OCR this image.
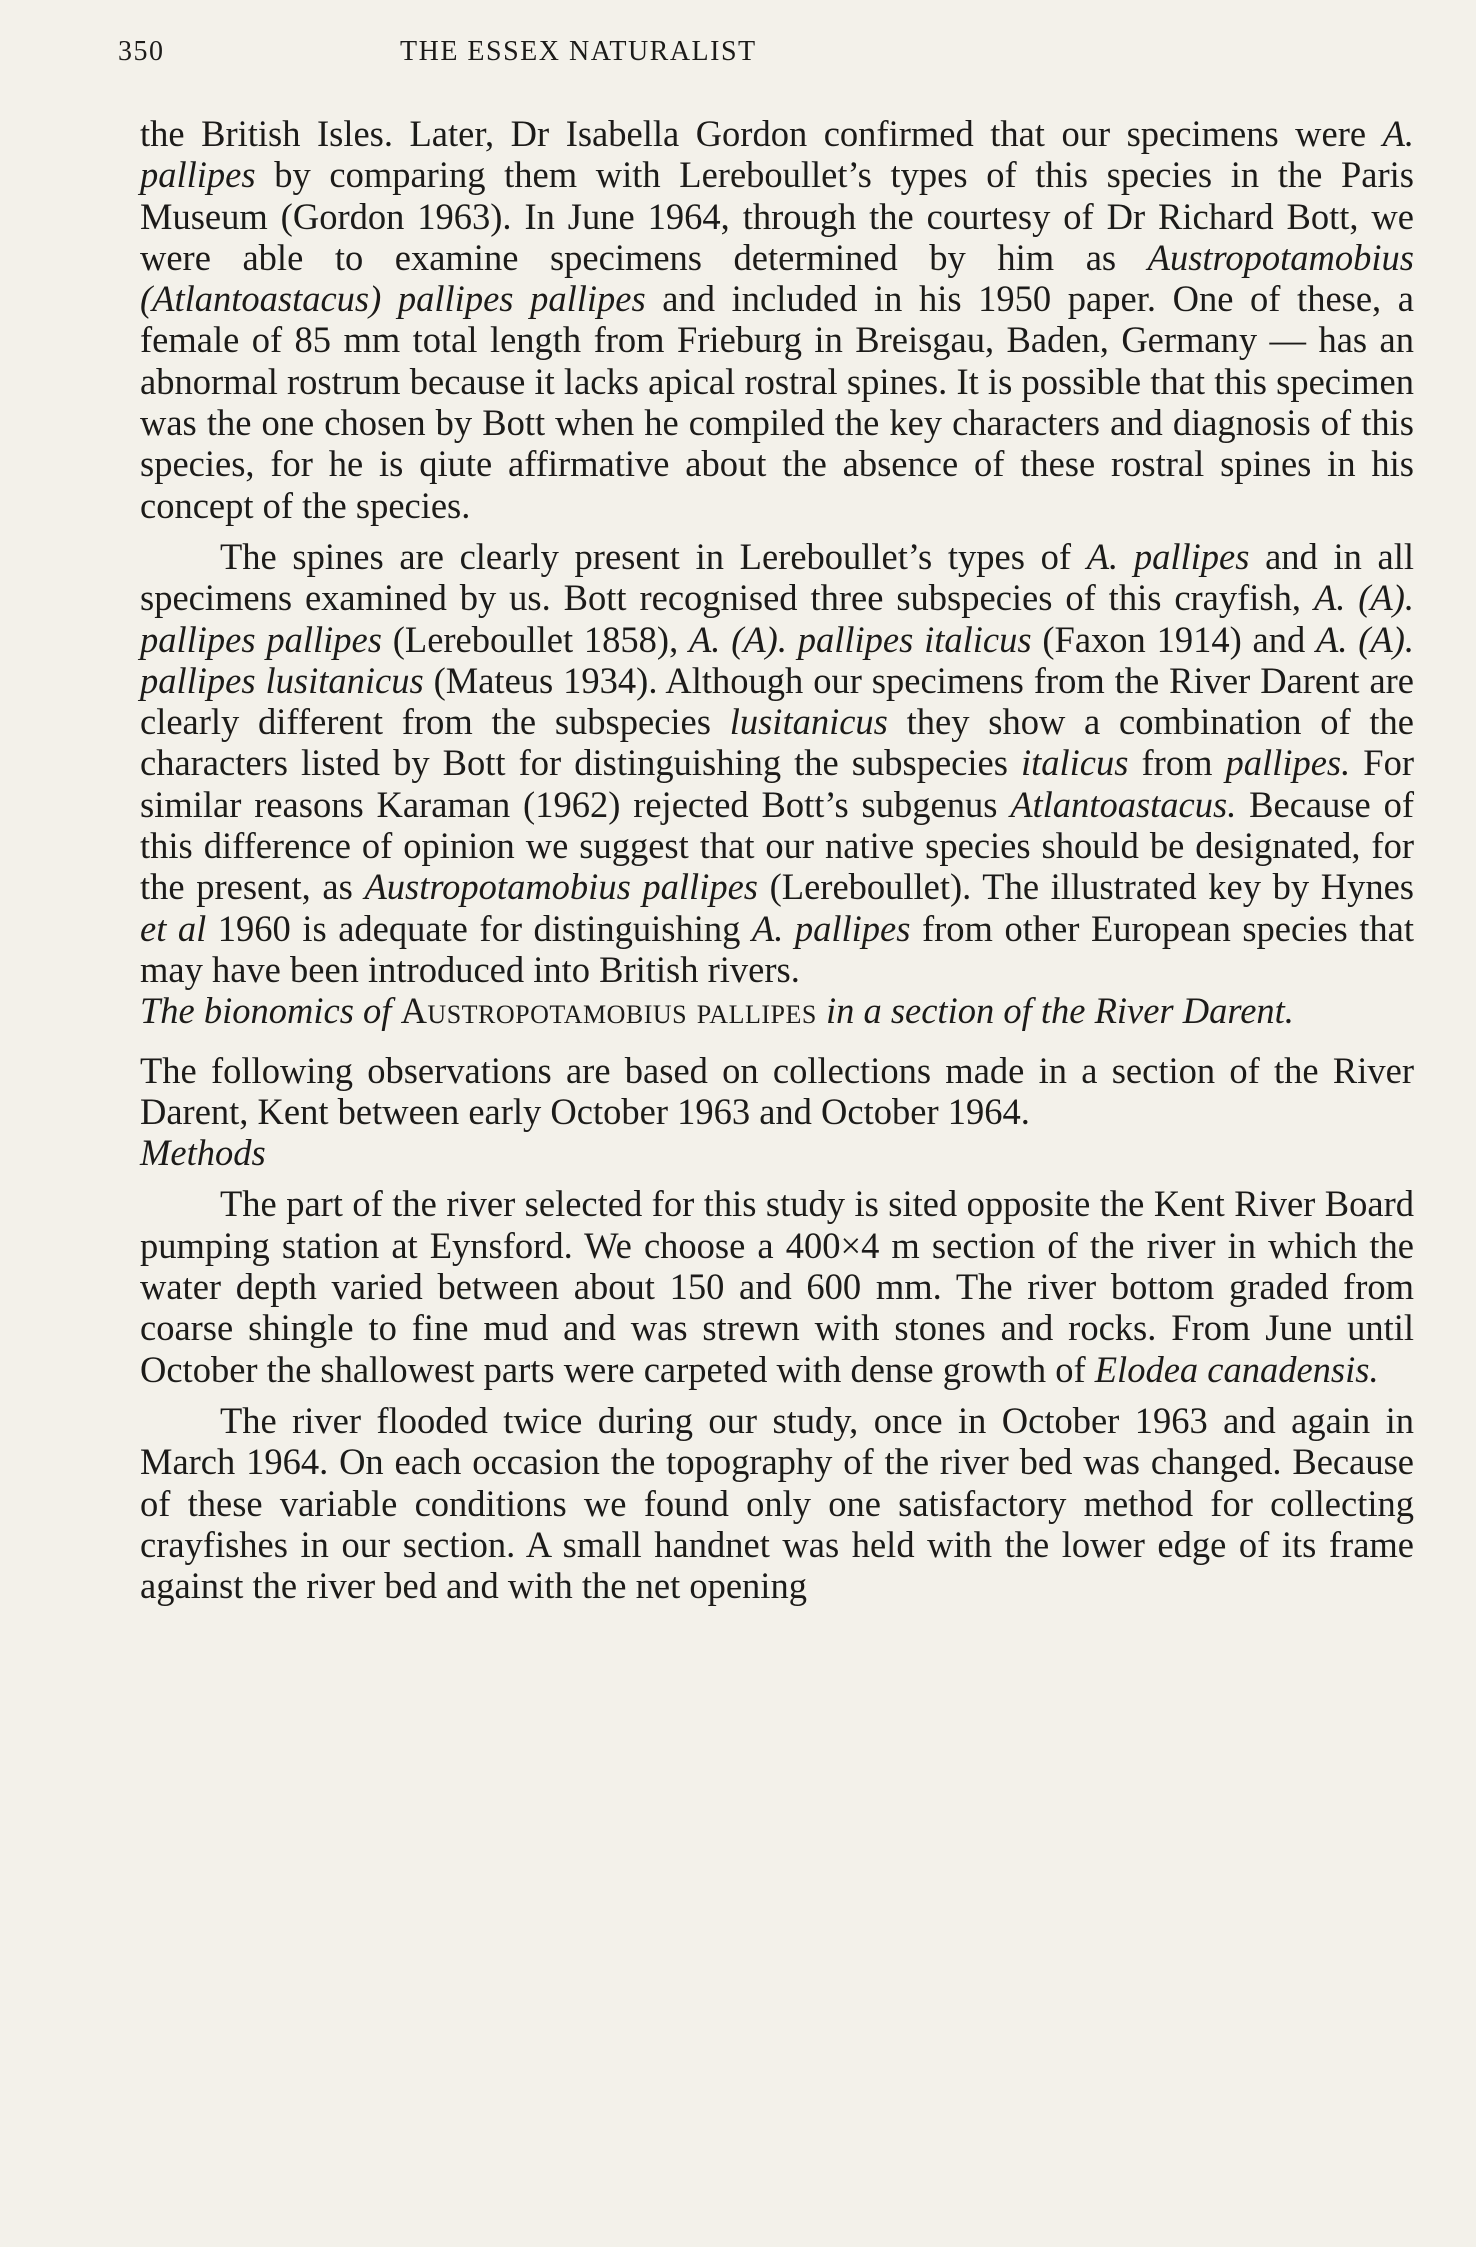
350	THE ESSEX NATURALIST

the British Isles. Later, Dr Isabella Gordon confirmed that our specimens were A. pallipes by comparing them with Lereboullet’s types of this species in the Paris Museum (Gordon 1963). In June 1964, through the courtesy of Dr Richard Bott, we were able to examine specimens determined by him as Austropotamobius (Atlantoastacus) pallipes pallipes and included in his 1950 paper. One of these, a female of 85 mm total length from Frieburg in Breisgau, Baden, Germany — has an abnormal rostrum because it lacks apical rostral spines. It is possible that this specimen was the one chosen by Bott when he compiled the key characters and diagnosis of this species, for he is qiute affirmative about the absence of these rostral spines in his concept of the species.

The spines are clearly present in Lereboullet’s types of A. pallipes and in all specimens examined by us. Bott recognised three subspecies of this crayfish, A. (A). pallipes pallipes (Lereboullet 1858), A. (A). pallipes italicus (Faxon 1914) and A. (A). pallipes lusitanicus (Mateus 1934). Although our specimens from the River Darent are clearly different from the subspecies lusitanicus they show a combination of the characters listed by Bott for distinguishing the subspecies italicus from pallipes. For similar reasons Karaman (1962) rejected Bott’s subgenus Atlantoastacus. Because of this difference of opinion we suggest that our native species should be designated, for the present, as Austropotamobius pallipes (Lereboullet). The illustrated key by Hynes et al 1960 is adequate for distinguishing A. pallipes from other European species that may have been introduced into British rivers.

The bionomics of Austropotamobius pallipes in a section of the River Darent.

The following observations are based on collections made in a section of the River Darent, Kent between early October 1963 and October 1964.

Methods

The part of the river selected for this study is sited opposite the Kent River Board pumping station at Eynsford. We choose a 400×4 m section of the river in which the water depth varied between about 150 and 600 mm. The river bottom graded from coarse shingle to fine mud and was strewn with stones and rocks. From June until October the shallowest parts were carpeted with dense growth of Elodea canadensis.

The river flooded twice during our study, once in October 1963 and again in March 1964. On each occasion the topography of the river bed was changed. Because of these variable conditions we found only one satisfactory method for collecting crayfishes in our section. A small handnet was held with the lower edge of its frame against the river bed and with the net opening
